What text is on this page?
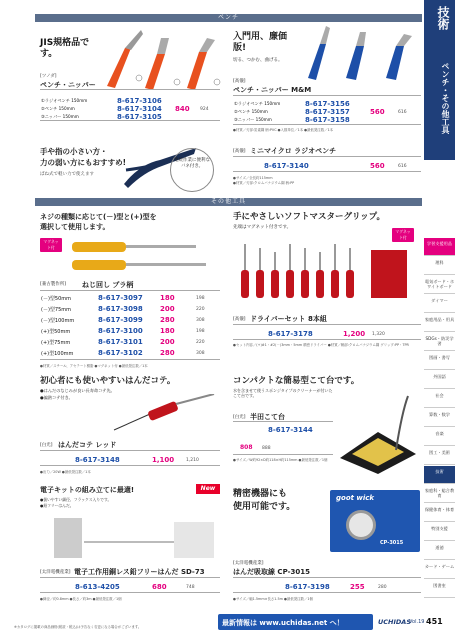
ペンチ	技術
ペンチ・その他工具
学習支援用品
理科
電気ボード・ホワイトボード
ダイマー
家庭用品・用具
SDGs・防災学習
図画・書写
外国語
社会
算数・数学
音楽
図工・美術
技術
家庭科・総合教育
保健体育・体育
特別支援
道徳
カード・ゲーム
図書室
JIS規格品です。
[ツノダ]
ペンチ・ニッパー
①ラジオペンチ 150mm	8-617-3106
②ペンチ 150mm	8-617-3104 840 924
③ニッパー 150mm	8-617-3105
入門用、廉価版!
切る、つかむ、曲げる。
[高儀]
ペンチ・ニッパー M&M
①ラジオペンチ 150mm	8-617-3156
②ペンチ 150mm	8-617-3157	560	616
③ニッパー 150mm	8-617-3158
●材質／刃部:炭素鋼 柄:PVC ●入数単位／1本 ●最低発注数／1本
手や指の小さい方・
力の弱い方にもおすすめ!
ばね式で軽い力で使えます
連続作業に便利なバネ付き。
[高儀] ミニマイクロ ラジオペンチ
8-617-3140	560	616
●サイズ／全長約115mm
●材質／刃部:クロムバナジウム鋼 柄:PP
その他工具
ネジの種類に応じて(－)型と(+)型を
選択して使用します。
マグネット付
[兼古製作所] ねじ回し プラ柄
(－)型50mm	8-617-3097 180	198
(－)型75mm	8-617-3098 200	220
(－)型100mm	8-617-3099 280	308
(+)型50mm	8-617-3100 180	198
(+)型75mm	8-617-3101 200	220
(+)型100mm	8-617-3102 280	308
●材質／スチール、アセテート樹脂 ●マグネット付 ●最低発注数／1本
手にやさしいソフトマスターグリップ。
先端はマグネット付きです。
マグネット付
[高儀] ドライバーセット 8本組
8-617-3178	1,200 1,320
●セット内容／(+)#1・#2(－)3mm・5mm 精密ドライバー ●材質／軸部:クロムバナジウム鋼 グリップ:PP・TPR
初心者にも使いやすいはんだコテ。
●はんだのなじみが良い長寿命コテ先。
●偏熱コテ付き。
[白光] はんだコテ レッド
8-617-3148	1,100	1,210
●出力／20W ●最低発注数／1本
コンパクトな簡易型こて台です。
水を含ませて使うスポンジタイプのクリーナーが付いたこて台です。
[白光] 半田こて台
8-617-3144
808 888
●サイズ／W約92×D約118×H約115mm ●最低発注数／1個
電子キットの組み立てに最適!
●扱いやすい細径、フラックス入りです。
●鉛フリーはんだ。
New
[太洋電機産業] 電子工作用銅レス鉛フリーはんだ SD-73
8-613-4205	680	748
●線径／約0.8mm ●長さ／約3m ●最低発注数／1個
精密機器にも
使用可能です。
goot wick
CP-3015
[太洋電機産業]
はんだ吸取線 CP-3015
8-617-3198	255	280
●サイズ／幅1.5mm×長さ1.5m ●最低発注数／1個
※カタログに掲載の商品価格(税抜・税込)は予告なく変更になる場合がございます。	最新情報は www.uchidas.net へ！	UCHIDAS
Vol.19 451
